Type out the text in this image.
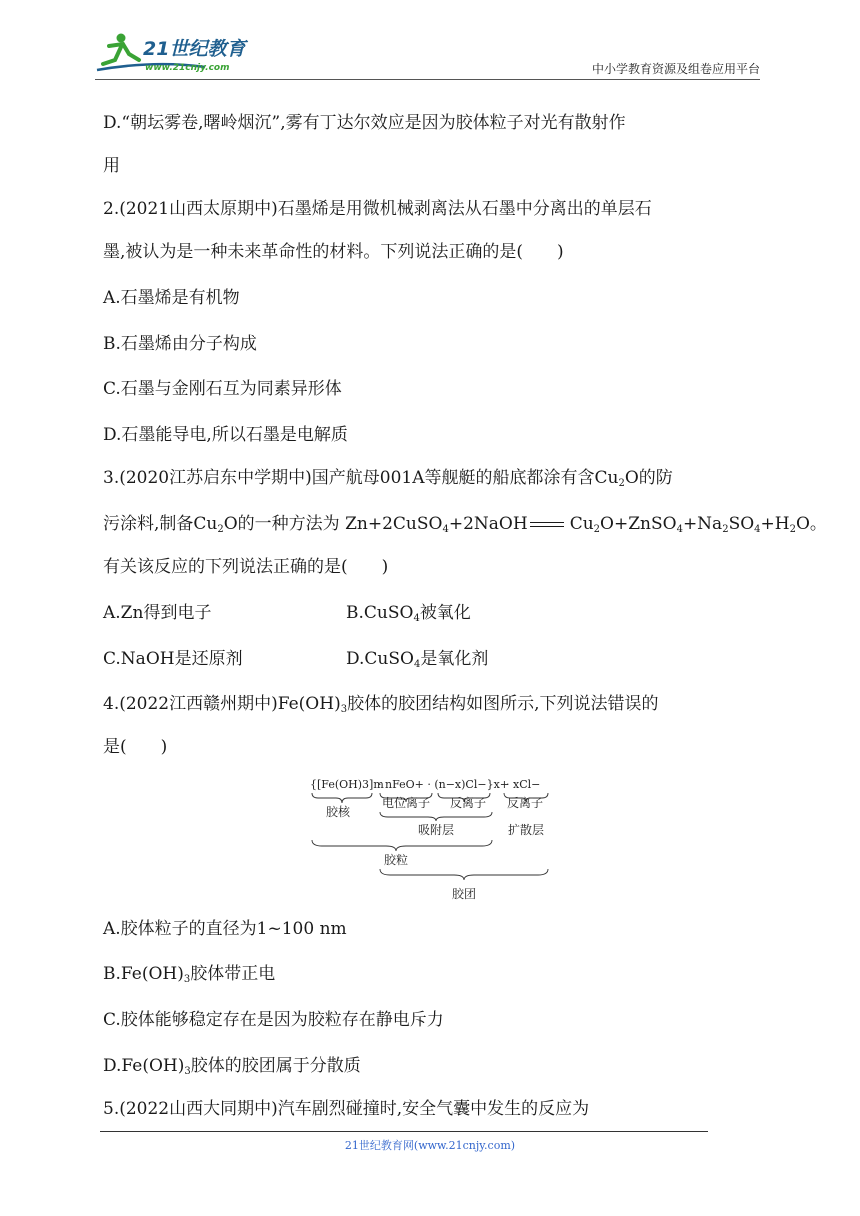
21世纪教育
www.21cnjy.com	中小学教育资源及组卷应用平台
D.“朝坛雾卷,曙岭烟沉”,雾有丁达尔效应是因为胶体粒子对光有散射作
用
2.(2021山西太原期中)石墨烯是用微机械剥离法从石墨中分离出的单层石
墨,被认为是一种未来革命性的材料。下列说法正确的是(　　)
A.石墨烯是有机物
B.石墨烯由分子构成
C.石墨与金刚石互为同素异形体
D.石墨能导电,所以石墨是电解质
3.(2020江苏启东中学期中)国产航母001A等舰艇的船底都涂有含$Cu_2O$的防
污涂料,制备$Cu_2O$的一种方法为 Zn+2CuSO$_4$+2NaOH $Cu_2O+ZnSO_4+Na_2SO_4+H_2O$。
有关该反应的下列说法正确的是(　　)
A.Zn得到电子	B.CuSO$_4$被氧化
C.NaOH是还原剂	D.CuSO$_4$是氧化剂
4.(2022江西赣州期中)$Fe(OH)_3$胶体的胶团结构如图所示,下列说法错误的
是(　　)
A.胶体粒子的直径为1~100 nm
$B.Fe(OH)_3$胶体带正电
C.胶体能够稳定存在是因为胶粒存在静电斥力
$D.Fe(OH)_3$胶体的胶团属于分散质
5.(2022山西大同期中)汽车剧烈碰撞时,安全气囊中发生的反应为
{[Fe(OH)3]m
· nFeO+ · (n−x)Cl−}x+
· xCl−
胶核
电位离子 反离子 反离子
吸附层	扩散层
胶粒
胶团
21世纪教育网(www.21cnjy.com)
